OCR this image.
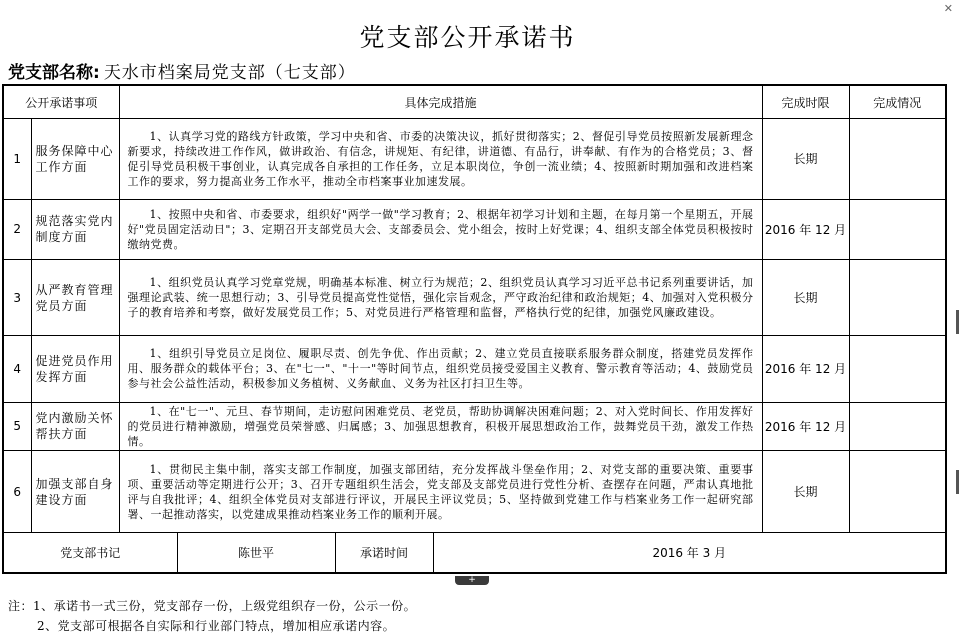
✕
党支部公开承诺书
党支部名称: 天水市档案局党支部（七支部）
公开承诺事项		具体完成措施				完成时限	完成情况
1	服务保障中心工作方面	1、认真学习党的路线方针政策，学习中央和省、市委的决策决议，抓好贯彻落实；2、督促引导党员按照新发展新理念新要求，持续改进工作作风，做讲政治、有信念，讲规矩、有纪律，讲道德、有品行，讲奉献、有作为的合格党员；3、督促引导党员积极干事创业，认真完成各自承担的工作任务，立足本职岗位，争创一流业绩；4、按照新时期加强和改进档案工作的要求，努力提高业务工作水平，推动全市档案事业加速发展。				长期	
2	规范落实党内制度方面	1、按照中央和省、市委要求，组织好"两学一做"学习教育；2、根据年初学习计划和主题，在每月第一个星期五，开展好"党员固定活动日"；3、定期召开支部党员大会、支部委员会、党小组会，按时上好党课；4、组织支部全体党员积极按时缴纳党费。				2016 年 12 月	
3	从严教育管理党员方面	1、组织党员认真学习党章党规，明确基本标准、树立行为规范；2、组织党员认真学习习近平总书记系列重要讲话，加强理论武装、统一思想行动；3、引导党员提高党性觉悟，强化宗旨观念，严守政治纪律和政治规矩；4、加强对入党积极分子的教育培养和考察，做好发展党员工作；5、对党员进行严格管理和监督，严格执行党的纪律，加强党风廉政建设。				长期	
4	促进党员作用发挥方面	1、组织引导党员立足岗位、履职尽责、创先争优、作出贡献；2、建立党员直接联系服务群众制度，搭建党员发挥作用、服务群众的载体平台；3、在"七一"、"十一"等时间节点，组织党员接受爱国主义教育、警示教育等活动；4、鼓励党员参与社会公益性活动，积极参加义务植树、义务献血、义务为社区打扫卫生等。				2016 年 12 月	
5	党内激励关怀帮扶方面	1、在"七一"、元旦、春节期间，走访慰问困难党员、老党员，帮助协调解决困难问题；2、对入党时间长、作用发挥好的党员进行精神激励，增强党员荣誉感、归属感；3、加强思想教育，积极开展思想政治工作，鼓舞党员干劲，激发工作热情。				2016 年 12 月	
6	加强支部自身建设方面	1、贯彻民主集中制，落实支部工作制度，加强支部团结，充分发挥战斗堡垒作用；2、对党支部的重要决策、重要事项、重要活动等定期进行公开；3、召开专题组织生活会，党支部及支部党员进行党性分析、查摆存在问题，严肃认真地批评与自我批评；4、组织全体党员对支部进行评议，开展民主评议党员；5、坚持做到党建工作与档案业务工作一起研究部署、一起推动落实，以党建成果推动档案业务工作的顺利开展。				长期	
党支部书记			陈世平	承诺时间	2016 年 3 月		
+
注：1、承诺书一式三份，党支部存一份，上级党组织存一份，公示一份。
2、党支部可根据各自实际和行业部门特点，增加相应承诺内容。
